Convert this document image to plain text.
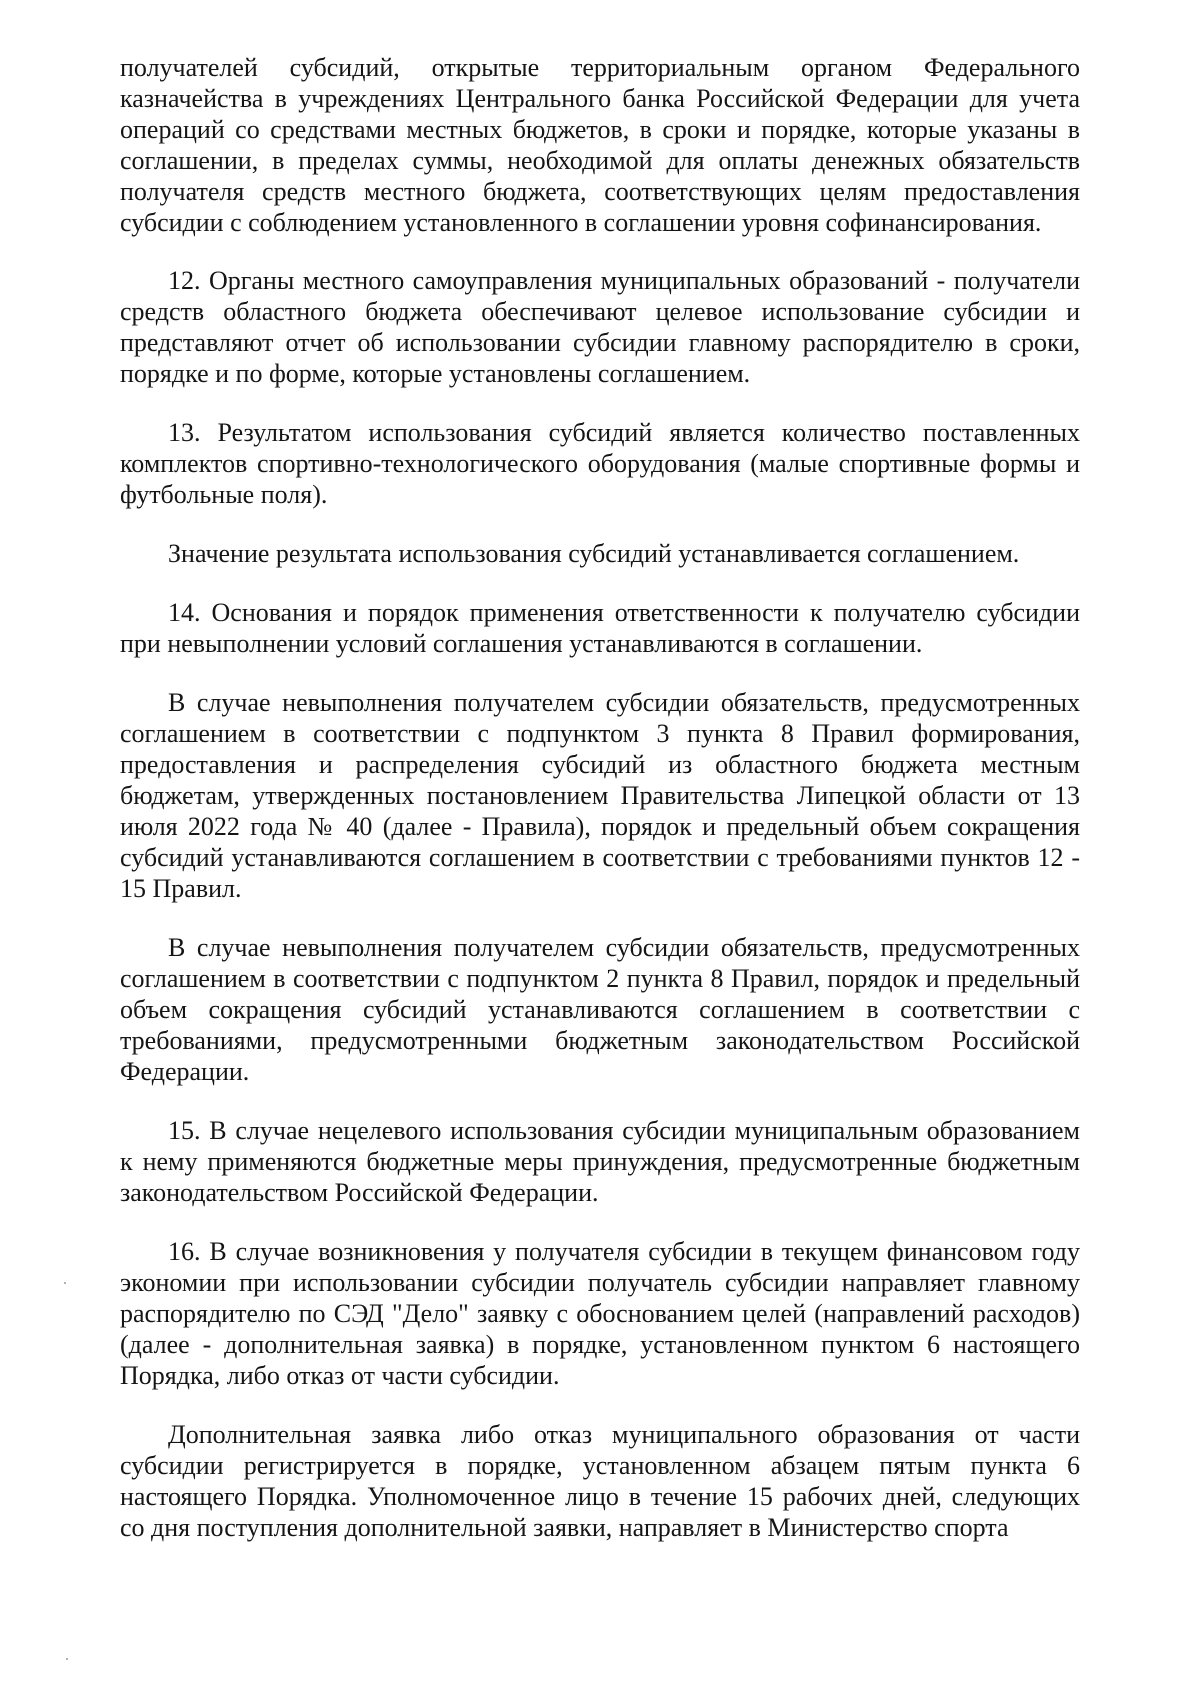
получателей субсидий, открытые территориальным органом Федерального казначейства в учреждениях Центрального банка Российской Федерации для учета операций со средствами местных бюджетов, в сроки и порядке, которые указаны в соглашении, в пределах суммы, необходимой для оплаты денежных обязательств получателя средств местного бюджета, соответствующих целям предоставления субсидии с соблюдением установленного в соглашении уровня софинансирования.

12. Органы местного самоуправления муниципальных образований - получатели средств областного бюджета обеспечивают целевое использование субсидии и представляют отчет об использовании субсидии главному распорядителю в сроки, порядке и по форме, которые установлены соглашением.

13. Результатом использования субсидий является количество поставленных комплектов спортивно-технологического оборудования (малые спортивные формы и футбольные поля).

Значение результата использования субсидий устанавливается соглашением.

14. Основания и порядок применения ответственности к получателю субсидии при невыполнении условий соглашения устанавливаются в соглашении.

В случае невыполнения получателем субсидии обязательств, предусмотренных соглашением в соответствии с подпунктом 3 пункта 8 Правил формирования, предоставления и распределения субсидий из областного бюджета местным бюджетам, утвержденных постановлением Правительства Липецкой области от 13 июля 2022 года № 40 (далее - Правила), порядок и предельный объем сокращения субсидий устанавливаются соглашением в соответствии с требованиями пунктов 12 - 15 Правил.

В случае невыполнения получателем субсидии обязательств, предусмотренных соглашением в соответствии с подпунктом 2 пункта 8 Правил, порядок и предельный объем сокращения субсидий устанавливаются соглашением в соответствии с требованиями, предусмотренными бюджетным законодательством Российской Федерации.

15. В случае нецелевого использования субсидии муниципальным образованием к нему применяются бюджетные меры принуждения, предусмотренные бюджетным законодательством Российской Федерации.

16. В случае возникновения у получателя субсидии в текущем финансовом году экономии при использовании субсидии получатель субсидии направляет главному распорядителю по СЭД "Дело" заявку с обоснованием целей (направлений расходов) (далее - дополнительная заявка) в порядке, установленном пунктом 6 настоящего Порядка, либо отказ от части субсидии.

Дополнительная заявка либо отказ муниципального образования от части субсидии регистрируется в порядке, установленном абзацем пятым пункта 6 настоящего Порядка. Уполномоченное лицо в течение 15 рабочих дней, следующих со дня поступления дополнительной заявки, направляет в Министерство спорта
